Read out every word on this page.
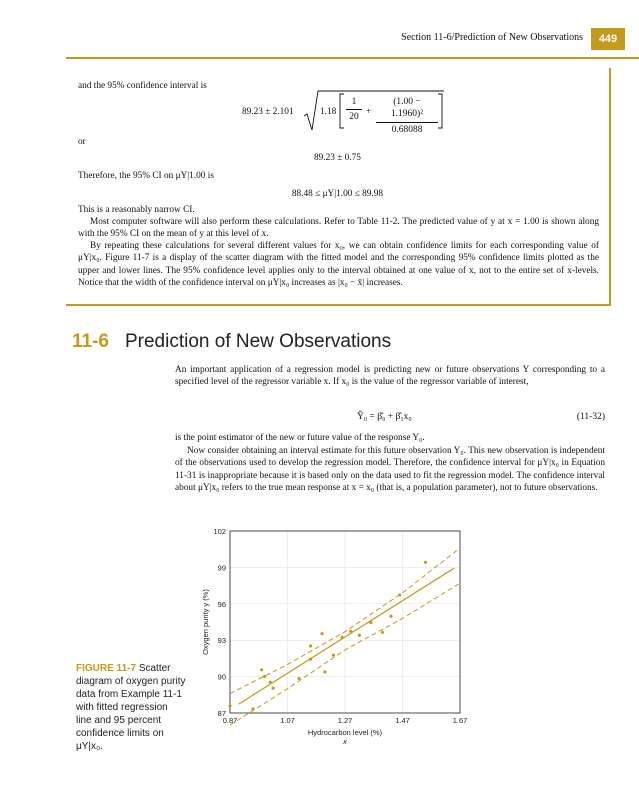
Section 11-6/Prediction of New Observations	449
and the 95% confidence interval is
89.23 ± 2.101	1.18
1
20
+
(1.00 − 1.1960)²
0.68088
or
89.23 ± 0.75
Therefore, the 95% CI on μY|1.00 is
88.48 ≤ μY|1.00 ≤ 89.98
This is a reasonably narrow CI.
Most computer software will also perform these calculations. Refer to Table 11-2. The predicted value of y at x = 1.00 is shown along with the 95% CI on the mean of y at this level of x.
By repeating these calculations for several different values for x₀, we can obtain confidence limits for each corresponding value of μY|x₀. Figure 11-7 is a display of the scatter diagram with the fitted model and the corresponding 95% confidence limits plotted as the upper and lower lines. The 95% confidence level applies only to the interval obtained at one value of x, not to the entire set of x-levels. Notice that the width of the confidence interval on μY|x₀ increases as |x₀ − x̄| increases.
11-6 Prediction of New Observations
An important application of a regression model is predicting new or future observations Y corresponding to a specified level of the regressor variable x. If x₀ is the value of the regressor variable of interest,
Ŷ₀ = β̂₀ + β̂₁x₀	(11-32)
is the point estimator of the new or future value of the response Y₀.
Now consider obtaining an interval estimate for this future observation Y₀. This new observation is independent of the observations used to develop the regression model. Therefore, the confidence interval for μY|x₀ in Equation 11-31 is inappropriate because it is based only on the data used to fit the regression model. The confidence interval about μY|x₀ refers to the true mean response at x = x₀ (that is, a population parameter), not to future observations.
87
90
93
96
99
102
0.87	1.07	1.27	1.47	1.67
Hydrocarbon level (%)
x
Oxygen purity y (%)
FIGURE 11-7 Scatter diagram of oxygen purity data from Example 11-1 with fitted regression line and 95 percent confidence limits on μY|x₀.
